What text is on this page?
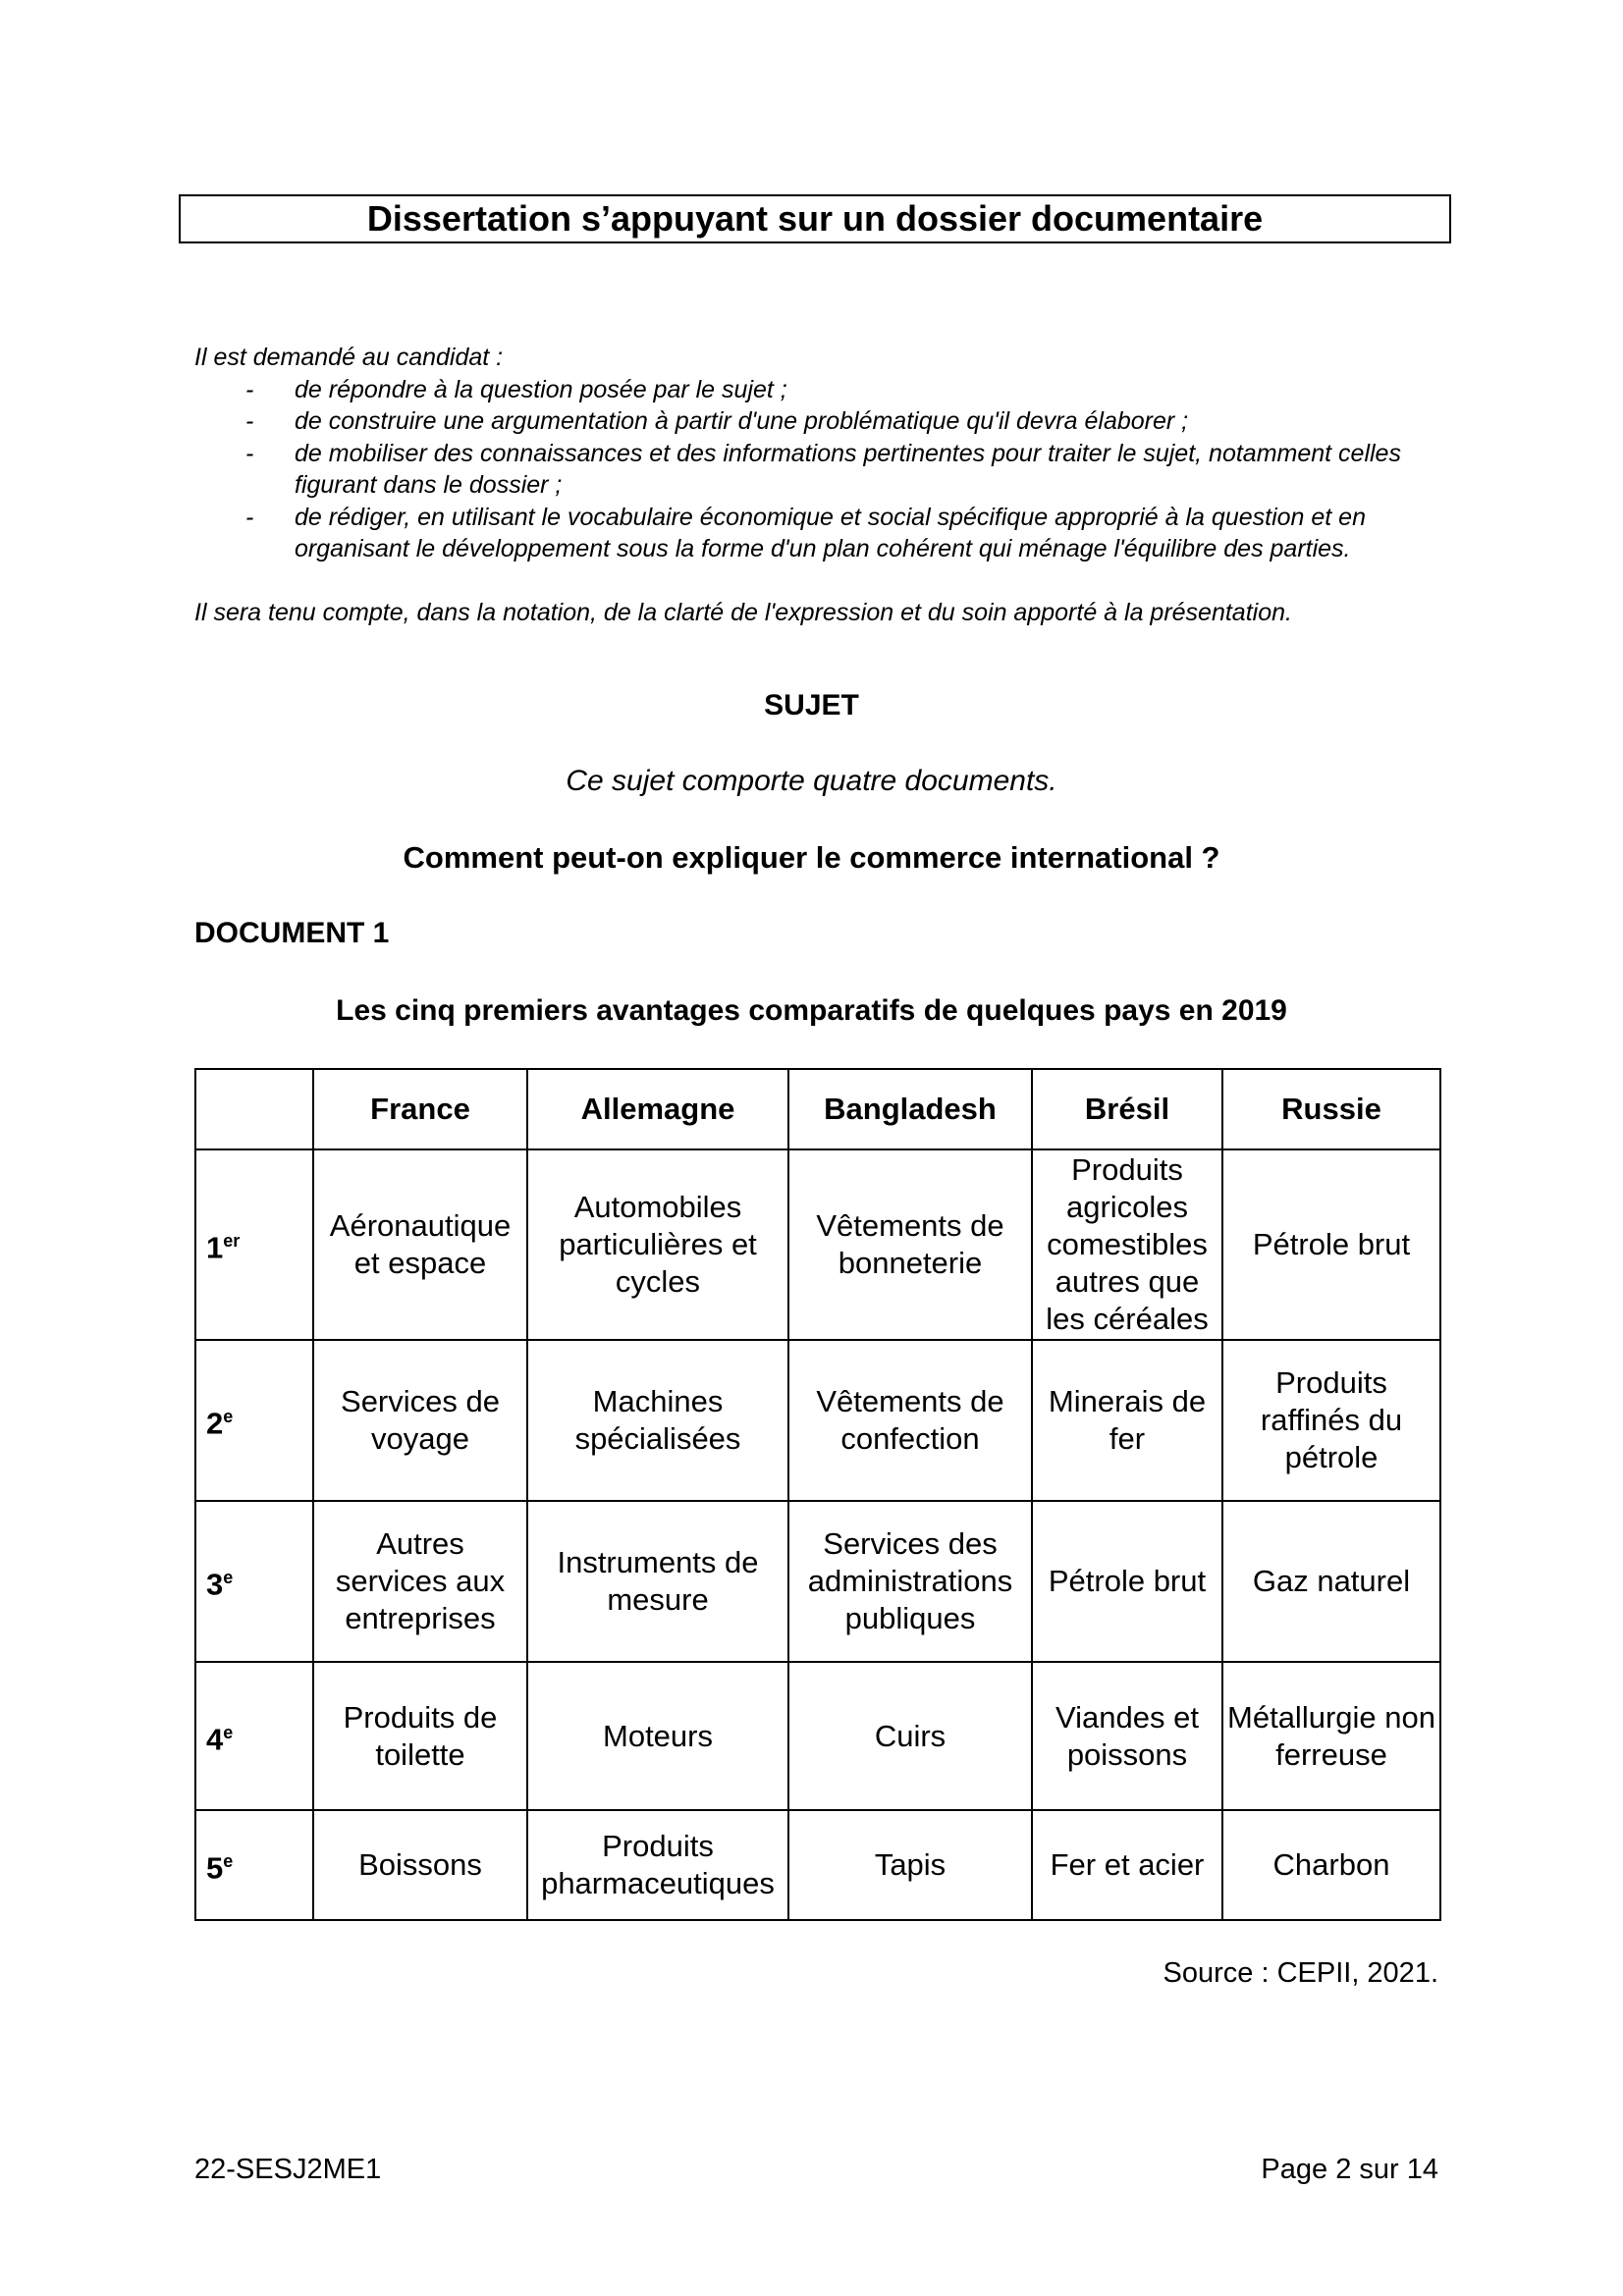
Dissertation s’appuyant sur un dossier documentaire

Il est demandé au candidat :

- de répondre à la question posée par le sujet ;
- de construire une argumentation à partir d'une problématique qu'il devra élaborer ;
- de mobiliser des connaissances et des informations pertinentes pour traiter le sujet, notamment celles figurant dans le dossier ;
- de rédiger, en utilisant le vocabulaire économique et social spécifique approprié à la question et en organisant le développement sous la forme d'un plan cohérent qui ménage l'équilibre des parties.

Il sera tenu compte, dans la notation, de la clarté de l'expression et du soin apporté à la présentation.

SUJET
Ce sujet comporte quatre documents.
Comment peut-on expliquer le commerce international ?
DOCUMENT 1
Les cinq premiers avantages comparatifs de quelques pays en 2019
	France	Allemagne	Bangladesh	Brésil	Russie
1er	Aéronautique et espace	Automobiles particulières et cycles	Vêtements de bonneterie	Produits agricoles comestibles autres que les céréales	Pétrole brut
2e	Services de voyage	Machines spécialisées	Vêtements de confection	Minerais de fer	Produits raffinés du pétrole
3e	Autres services aux entreprises	Instruments de mesure	Services des administrations publiques	Pétrole brut	Gaz naturel
4e	Produits de toilette	Moteurs	Cuirs	Viandes et poissons	Métallurgie non ferreuse
5e	Boissons	Produits pharmaceutiques	Tapis	Fer et acier	Charbon
Source : CEPII, 2021.
22-SESJ2ME1	Page 2 sur 14
